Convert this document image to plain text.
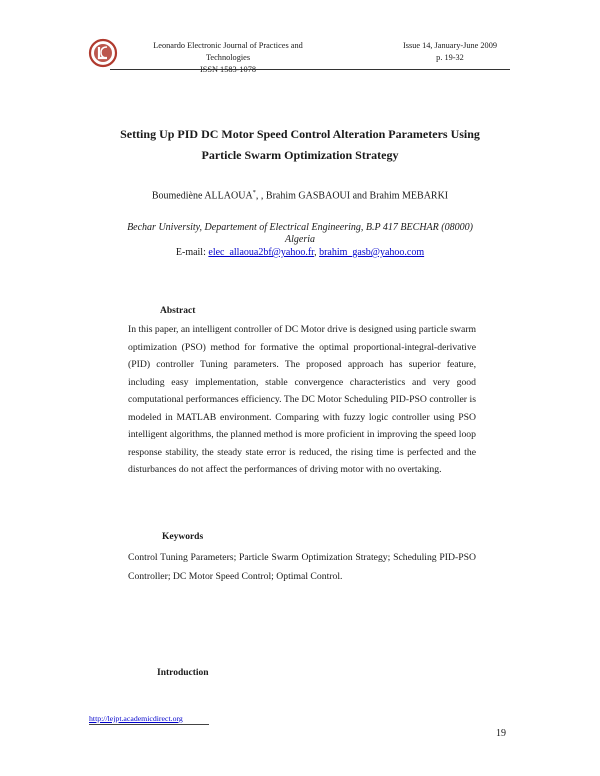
Leonardo Electronic Journal of Practices and
Technologies
ISSN 1583-1078
Issue 14, January-June 2009
p. 19-32
Setting Up PID DC Motor Speed Control Alteration Parameters Using
Particle Swarm Optimization Strategy
Boumediène ALLAOUA*, , Brahim GASBAOUI and Brahim MEBARKI
Bechar University, Departement of Electrical Engineering, B.P 417 BECHAR (08000)
Algeria
E-mail: elec_allaoua2bf@yahoo.fr, brahim_gasb@yahoo.com
Abstract
In this paper, an intelligent controller of DC Motor drive is designed using particle swarm optimization (PSO) method for formative the optimal proportional-integral-derivative (PID) controller Tuning parameters. The proposed approach has superior feature, including easy implementation, stable convergence characteristics and very good computational performances efficiency. The DC Motor Scheduling PID-PSO controller is modeled in MATLAB environment. Comparing with fuzzy logic controller using PSO intelligent algorithms, the planned method is more proficient in improving the speed loop response stability, the steady state error is reduced, the rising time is perfected and the disturbances do not affect the performances of driving motor with no overtaking.
Keywords
Control Tuning Parameters; Particle Swarm Optimization Strategy; Scheduling PID-PSO Controller; DC Motor Speed Control; Optimal Control.
Introduction
http://lejpt.academicdirect.org
19
